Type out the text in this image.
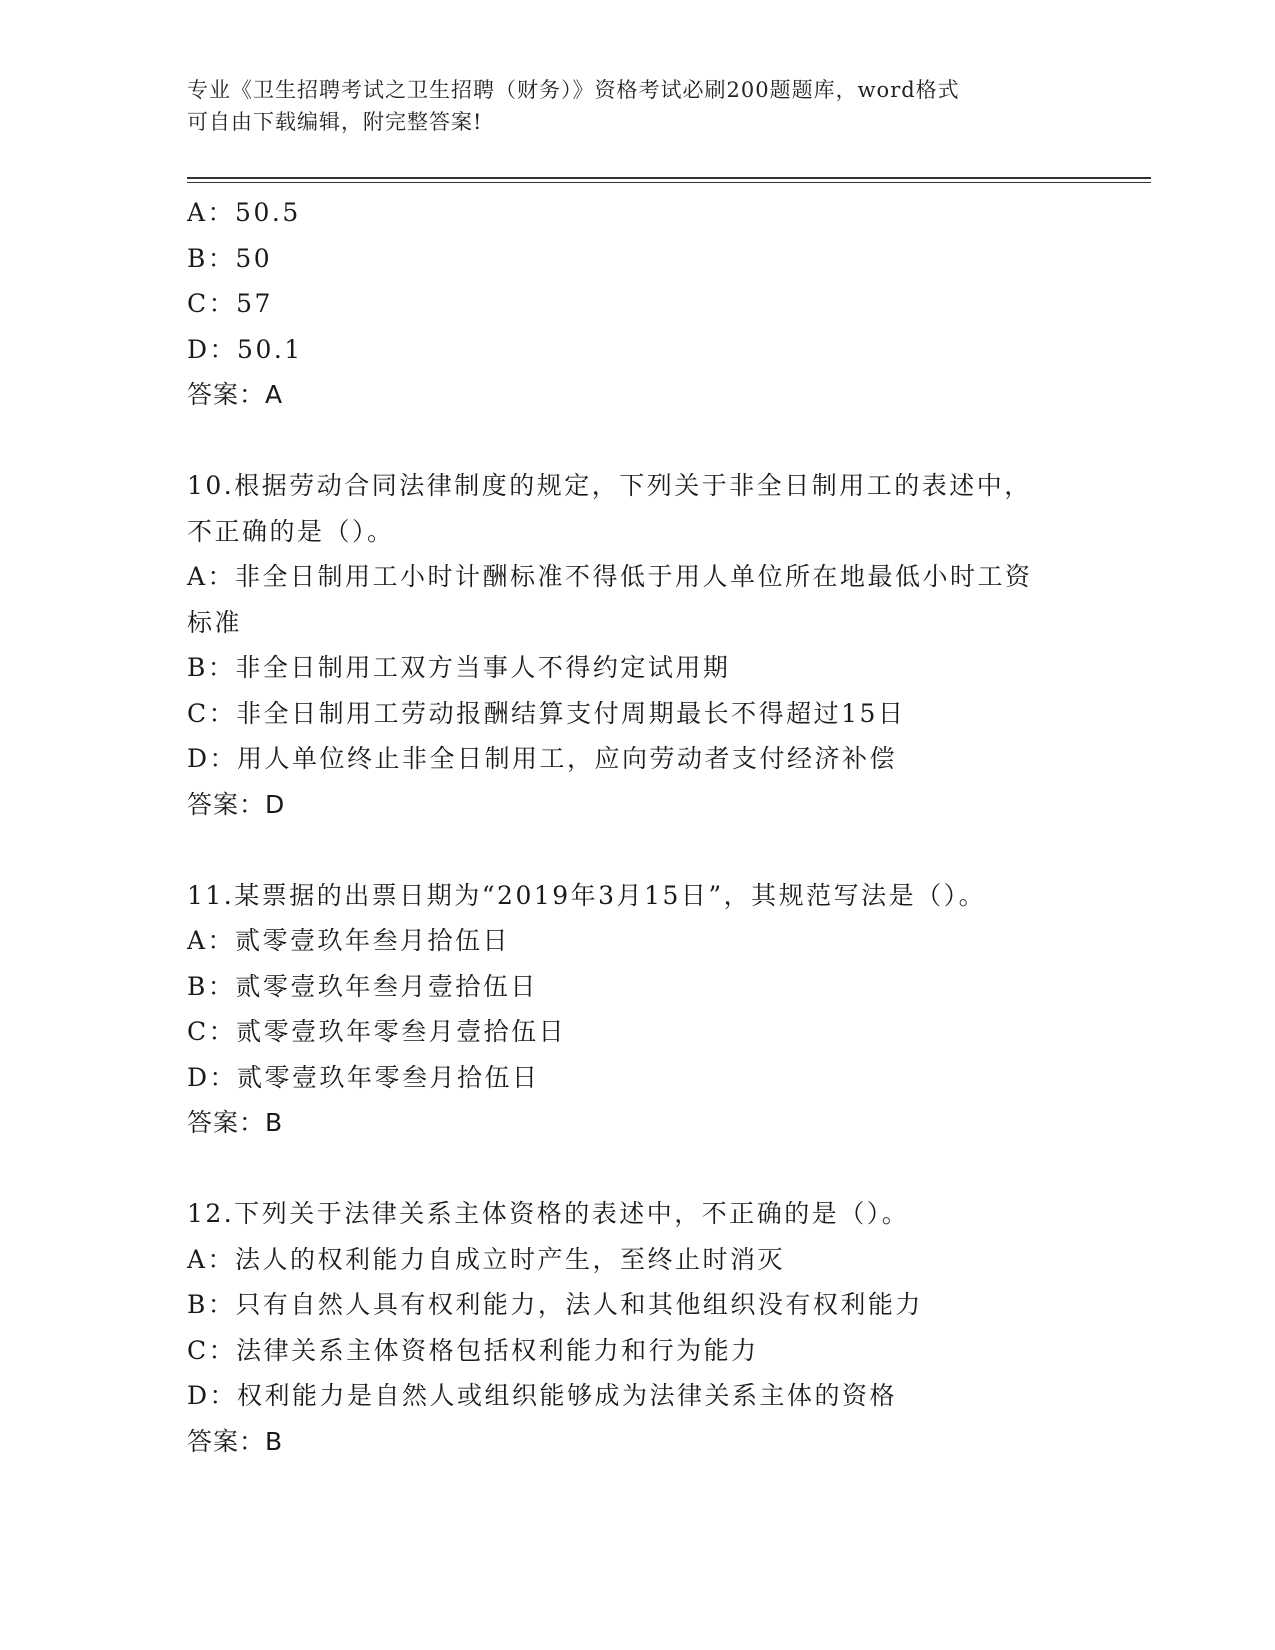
专业《卫生招聘考试之卫生招聘（财务）》资格考试必刷200题题库，word格式
可自由下载编辑，附完整答案!
A：50.5
B：50
C：57
D：50.1
答案：A
10.根据劳动合同法律制度的规定，下列关于非全日制用工的表述中，
不正确的是（）。
A：非全日制用工小时计酬标准不得低于用人单位所在地最低小时工资
标准
B：非全日制用工双方当事人不得约定试用期
C：非全日制用工劳动报酬结算支付周期最长不得超过15日
D：用人单位终止非全日制用工，应向劳动者支付经济补偿
答案：D
11.某票据的出票日期为“2019年3月15日”，其规范写法是（）。
A：贰零壹玖年叁月拾伍日
B：贰零壹玖年叁月壹拾伍日
C：贰零壹玖年零叁月壹拾伍日
D：贰零壹玖年零叁月拾伍日
答案：B
12.下列关于法律关系主体资格的表述中，不正确的是（）。
A：法人的权利能力自成立时产生，至终止时消灭
B：只有自然人具有权利能力，法人和其他组织没有权利能力
C：法律关系主体资格包括权利能力和行为能力
D：权利能力是自然人或组织能够成为法律关系主体的资格
答案：B
